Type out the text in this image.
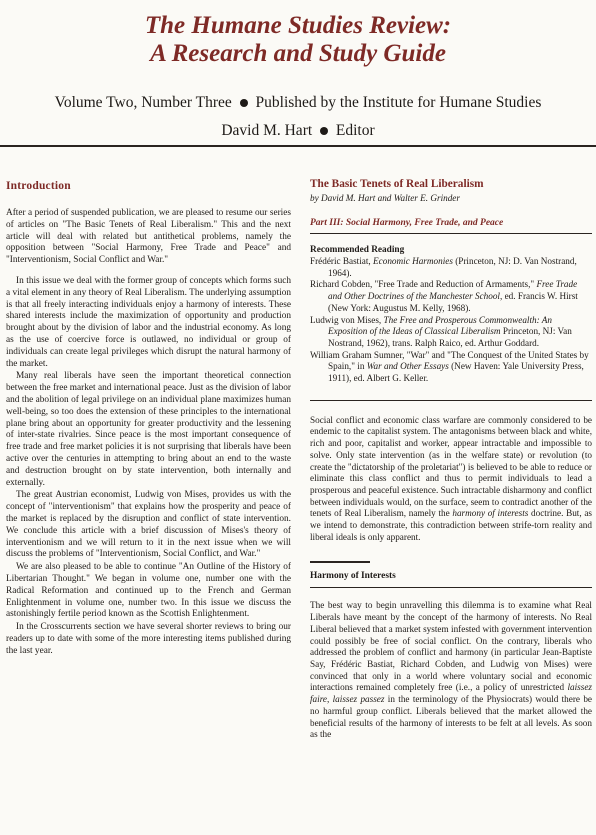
The Humane Studies Review:
A Research and Study Guide
Volume Two, Number Three Published by the Institute for Humane Studies
David M. Hart Editor
Introduction

After a period of suspended publication, we are pleased to resume our series of articles on "The Basic Tenets of Real Liberalism." This and the next article will deal with related but antithetical problems, namely the opposition between "Social Harmony, Free Trade and Peace" and "Interventionism, Social Conflict and War."

In this issue we deal with the former group of concepts which forms such a vital element in any theory of Real Liberalism. The underlying assumption is that all freely interacting individuals enjoy a harmony of interests. These shared interests include the maximization of opportunity and production brought about by the division of labor and the industrial economy. As long as the use of coercive force is outlawed, no individual or group of individuals can create legal privileges which disrupt the natural harmony of the market.

Many real liberals have seen the important theoretical connection between the free market and international peace. Just as the division of labor and the abolition of legal privilege on an individual plane maximizes human well-being, so too does the extension of these principles to the international plane bring about an opportunity for greater productivity and the lessening of inter-state rivalries. Since peace is the most important consequence of free trade and free market policies it is not surprising that liberals have been active over the centuries in attempting to bring about an end to the waste and destruction brought on by state intervention, both internally and externally.

The great Austrian economist, Ludwig von Mises, provides us with the concept of "interventionism" that explains how the prosperity and peace of the market is replaced by the disruption and conflict of state intervention. We conclude this article with a brief discussion of Mises's theory of interventionism and we will return to it in the next issue when we will discuss the problems of "Interventionism, Social Conflict, and War."

We are also pleased to be able to continue "An Outline of the History of Libertarian Thought." We began in volume one, number one with the Radical Reformation and continued up to the French and German Enlightenment in volume one, number two. In this issue we discuss the astonishingly fertile period known as the Scottish Enlightenment.

In the Crosscurrents section we have several shorter reviews to bring our readers up to date with some of the more interesting items published during the last year.

The Basic Tenets of Real Liberalism
by David M. Hart and Walter E. Grinder
Part III: Social Harmony, Free Trade, and Peace
Recommended Reading

Frédéric Bastiat, Economic Harmonies (Princeton, NJ: D. Van Nostrand, 1964).

Richard Cobden, "Free Trade and Reduction of Armaments," Free Trade and Other Doctrines of the Manchester School, ed. Francis W. Hirst (New York: Augustus M. Kelly, 1968).

Ludwig von Mises, The Free and Prosperous Commonwealth: An Exposition of the Ideas of Classical Liberalism Princeton, NJ: Van Nostrand, 1962), trans. Ralph Raico, ed. Arthur Goddard.

William Graham Sumner, "War" and "The Conquest of the United States by Spain," in War and Other Essays (New Haven: Yale University Press, 1911), ed. Albert G. Keller.

Social conflict and economic class warfare are commonly considered to be endemic to the capitalist system. The antagonisms between black and white, rich and poor, capitalist and worker, appear intractable and impossible to solve. Only state intervention (as in the welfare state) or revolution (to create the "dictatorship of the proletariat") is believed to be able to reduce or eliminate this class conflict and thus to permit individuals to lead a prosperous and peaceful existence. Such intractable disharmony and conflict between individuals would, on the surface, seem to contradict another of the tenets of Real Liberalism, namely the harmony of interests doctrine. But, as we intend to demonstrate, this contradiction between strife-torn reality and liberal ideals is only apparent.

Harmony of Interests

The best way to begin unravelling this dilemma is to examine what Real Liberals have meant by the concept of the harmony of interests. No Real Liberal believed that a market system infested with government intervention could possibly be free of social conflict. On the contrary, liberals who addressed the problem of conflict and harmony (in particular Jean-Baptiste Say, Frédéric Bastiat, Richard Cobden, and Ludwig von Mises) were convinced that only in a world where voluntary social and economic interactions remained completely free (i.e., a policy of unrestricted laissez faire, laissez passez in the terminology of the Physiocrats) would there be no harmful group conflict. Liberals believed that the market allowed the beneficial results of the harmony of interests to be felt at all levels. As soon as the
